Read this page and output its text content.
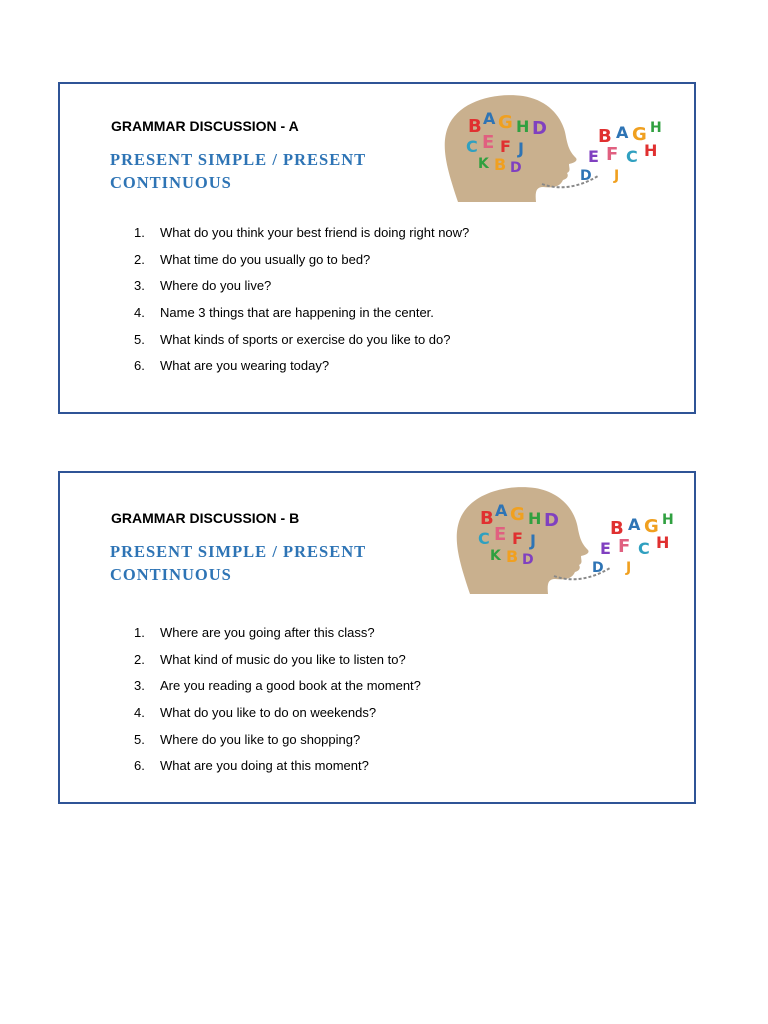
GRAMMAR DISCUSSION - A
PRESENT SIMPLE / PRESENT
CONTINUOUS
B A G H D
C E F J
K B D
B A G H
E F C H
D J
1.	What do you think your best friend is doing right now?
2.	What time do you usually go to bed?
3.	Where do you live?
4.	Name 3 things that are happening in the center.
5.	What kinds of sports or exercise do you like to do?
6.	What are you wearing today?
GRAMMAR DISCUSSION - B
PRESENT SIMPLE / PRESENT
CONTINUOUS
B A G H D
C E F J
K B D
B A G H
E F C H
D J
1.	Where are you going after this class?
2.	What kind of music do you like to listen to?
3.	Are you reading a good book at the moment?
4.	What do you like to do on weekends?
5.	Where do you like to go shopping?
6.	What are you doing at this moment?
